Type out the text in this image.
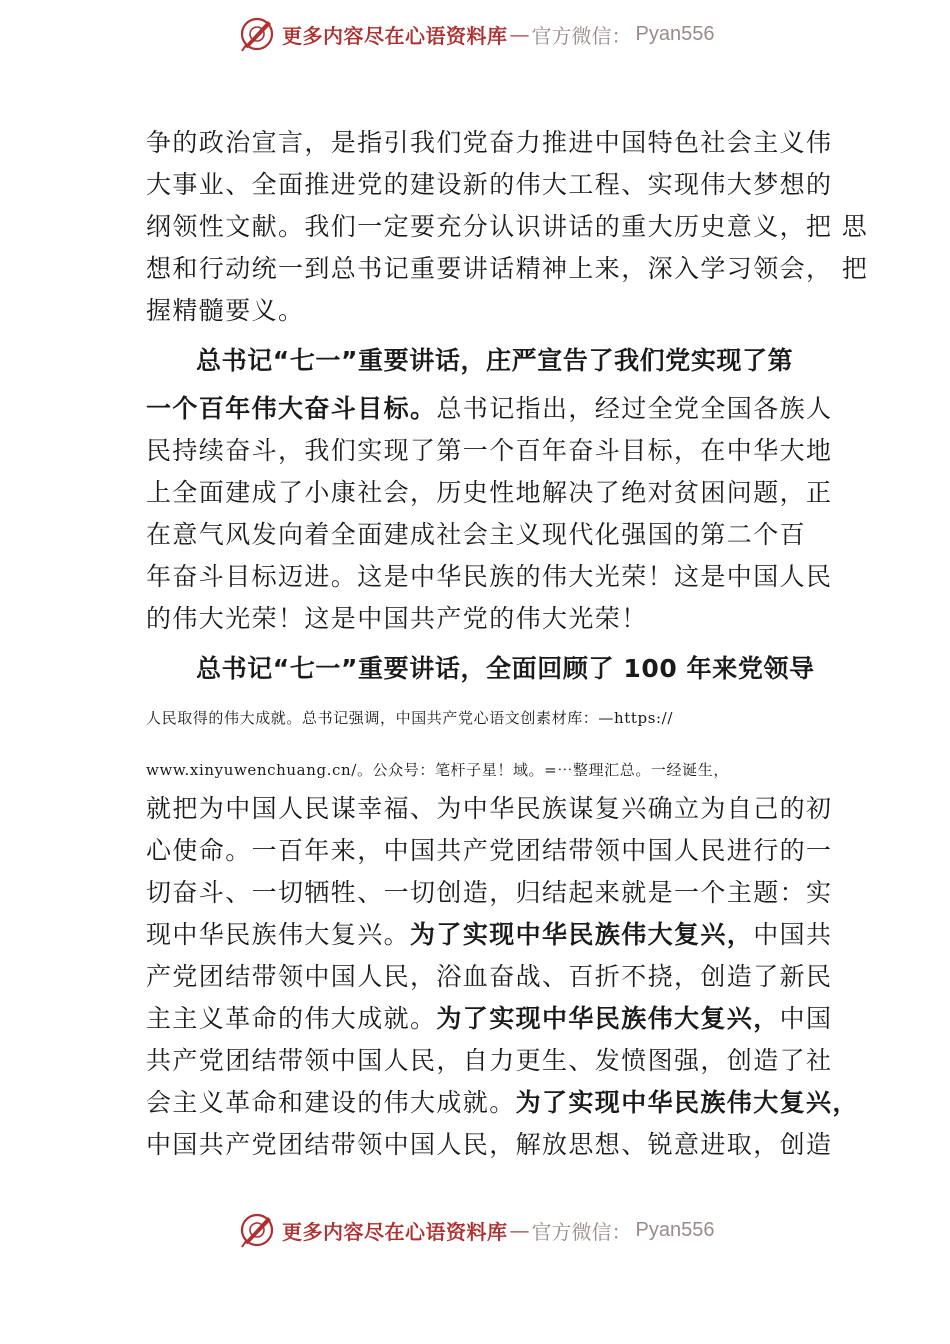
更多内容尽在心语资料库 — 官方微信： Pyan556
争的政治宣言，是指引我们党奋力推进中国特色社会主义伟
大事业、全面推进党的建设新的伟大工程、实现伟大梦想的
纲领性文献。我们一定要充分认识讲话的重大历史意义，把 思
想和行动统一到总书记重要讲话精神上来，深入学习领会， 把
握精髓要义。
总书记“七一”重要讲话，庄严宣告了我们党实现了第
一个百年伟大奋斗目标。总书记指出，经过全党全国各族人
民持续奋斗，我们实现了第一个百年奋斗目标，在中华大地
上全面建成了小康社会，历史性地解决了绝对贫困问题，正
在意气风发向着全面建成社会主义现代化强国的第二个百
年奋斗目标迈进。这是中华民族的伟大光荣！这是中国人民
的伟大光荣！这是中国共产党的伟大光荣！
总书记“七一”重要讲话，全面回顾了 100 年来党领导
人民取得的伟大成就。总书记强调，中国共产党心语文创素材库：—https://
www.xinyuwenchuang.cn/。公众号：笔杆子星！域。=⋯整理汇总。一经诞生，
就把为中国人民谋幸福、为中华民族谋复兴确立为自己的初
心使命。一百年来，中国共产党团结带领中国人民进行的一
切奋斗、一切牺牲、一切创造，归结起来就是一个主题：实
现中华民族伟大复兴。为了实现中华民族伟大复兴，中国共
产党团结带领中国人民，浴血奋战、百折不挠，创造了新民
主主义革命的伟大成就。为了实现中华民族伟大复兴，中国
共产党团结带领中国人民，自力更生、发愤图强，创造了社
会主义革命和建设的伟大成就。为了实现中华民族伟大复兴，
中国共产党团结带领中国人民，解放思想、锐意进取，创造
更多内容尽在心语资料库 — 官方微信： Pyan556
